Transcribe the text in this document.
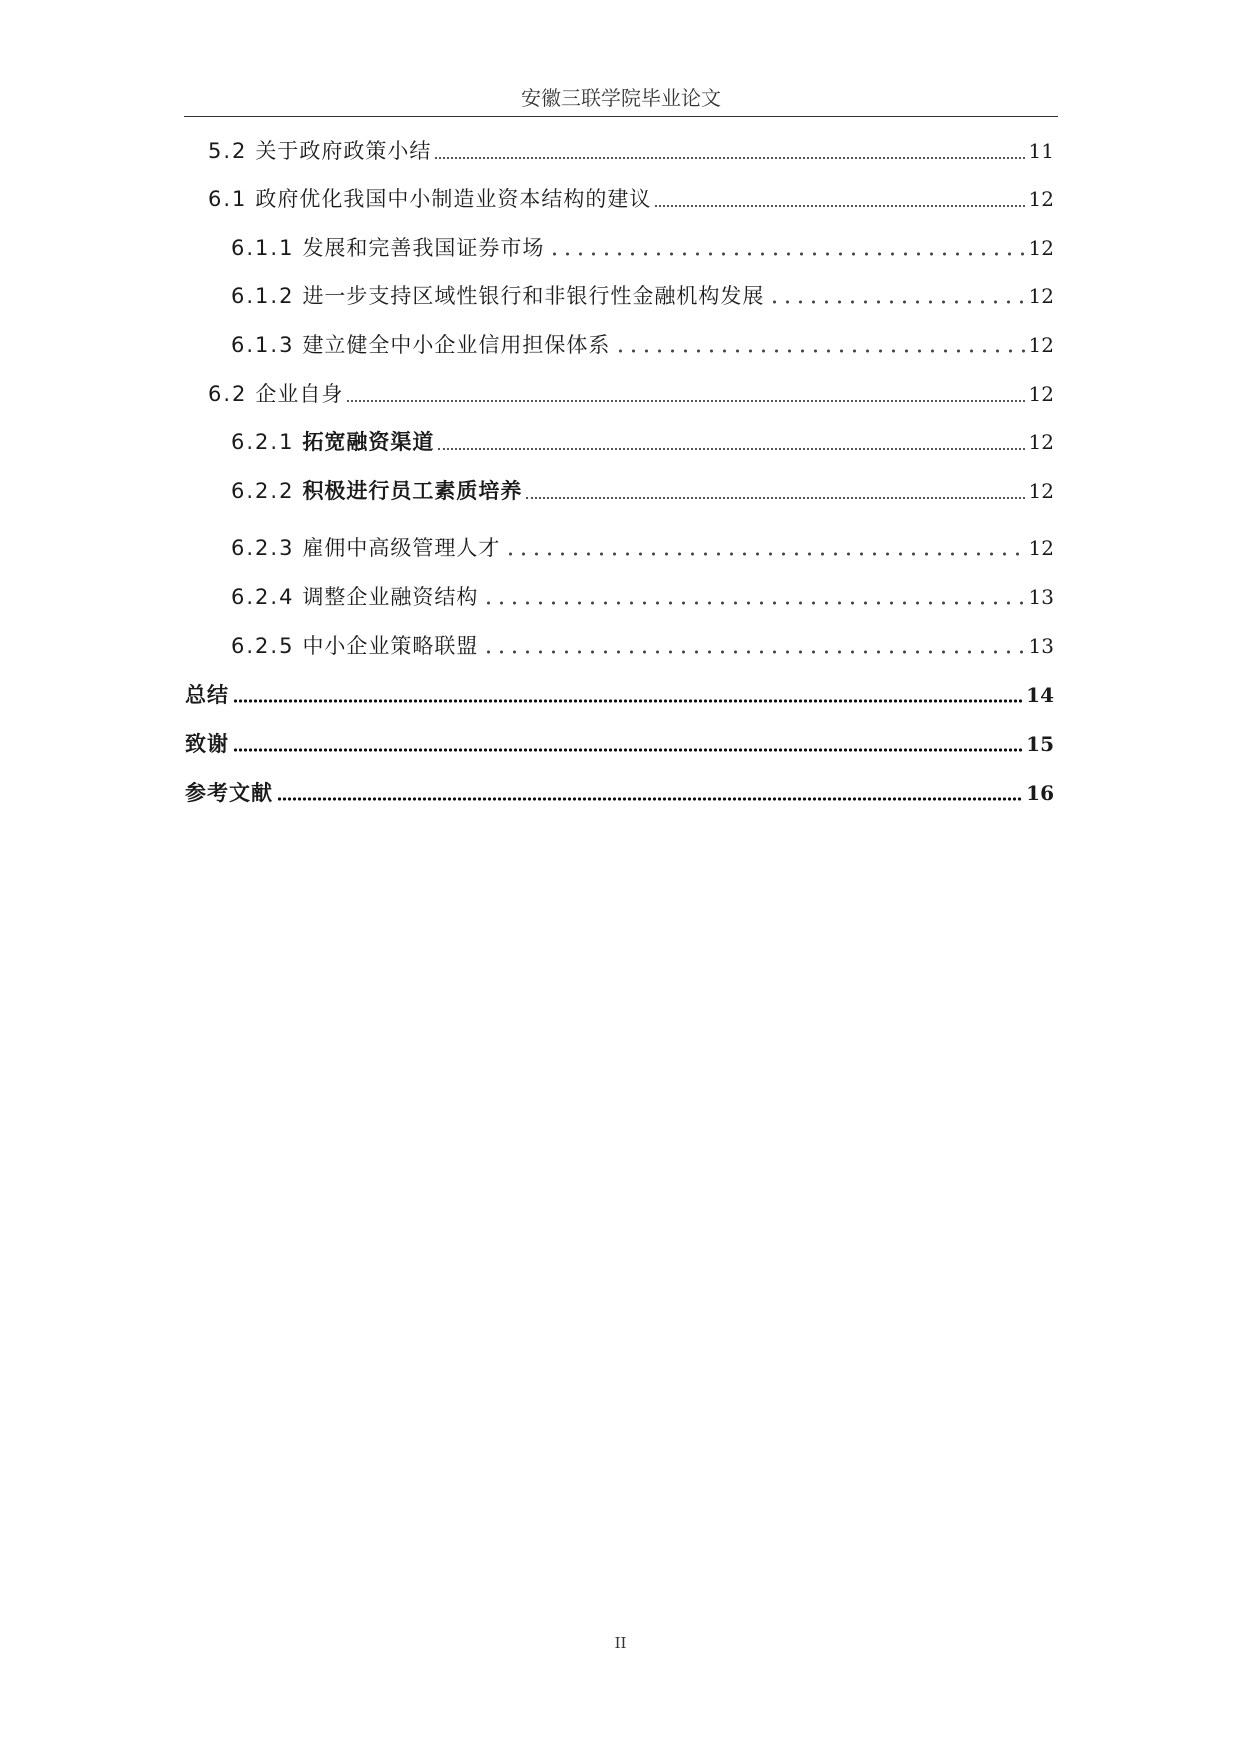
安徽三联学院毕业论文
5.2 关于政府政策小结	11
6.1 政府优化我国中小制造业资本结构的建议	12
6.1.1 发展和完善我国证券市场	12
6.1.2 进一步支持区域性银行和非银行性金融机构发展	12
6.1.3 建立健全中小企业信用担保体系	12
6.2 企业自身	12
6.2.1 拓宽融资渠道	12
6.2.2 积极进行员工素质培养	12
6.2.3 雇佣中高级管理人才	12
6.2.4 调整企业融资结构	13
6.2.5 中小企业策略联盟	13
总结	14
致谢	15
参考文献	16
II
